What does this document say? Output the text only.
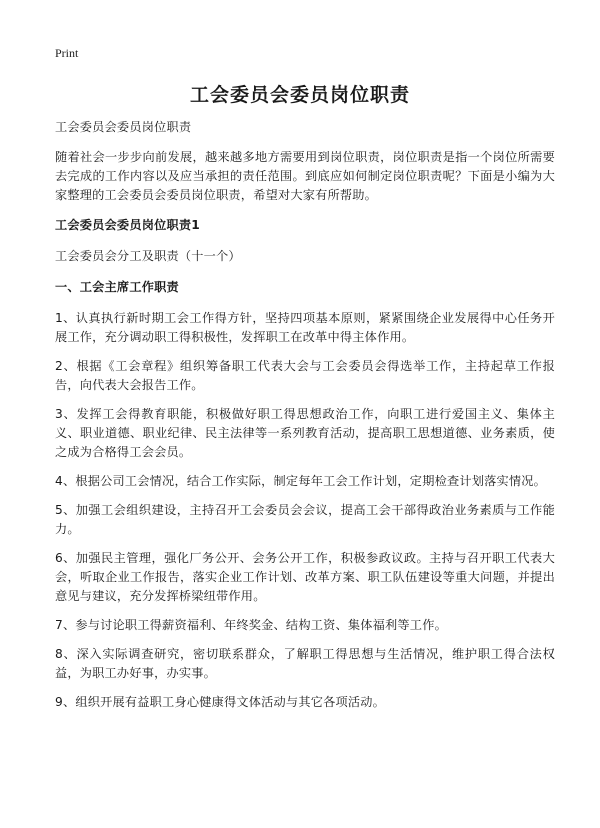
Print
工会委员会委员岗位职责

工会委员会委员岗位职责

随着社会一步步向前发展，越来越多地方需要用到岗位职责，岗位职责是指一个岗位所需要去完成的工作内容以及应当承担的责任范围。到底应如何制定岗位职责呢？下面是小编为大家整理的工会委员会委员岗位职责，希望对大家有所帮助。

工会委员会委员岗位职责1

工会委员会分工及职责（十一个）

一、工会主席工作职责

1、认真执行新时期工会工作得方针，坚持四项基本原则，紧紧围绕企业发展得中心任务开展工作，充分调动职工得积极性，发挥职工在改革中得主体作用。

2、根据《工会章程》组织筹备职工代表大会与工会委员会得选举工作，主持起草工作报告，向代表大会报告工作。

3、发挥工会得教育职能，积极做好职工得思想政治工作，向职工进行爱国主义、集体主义、职业道德、职业纪律、民主法律等一系列教育活动，提高职工思想道德、业务素质，使之成为合格得工会会员。

4、根据公司工会情况，结合工作实际，制定每年工会工作计划，定期检查计划落实情况。

5、加强工会组织建设，主持召开工会委员会会议，提高工会干部得政治业务素质与工作能力。

6、加强民主管理，强化厂务公开、会务公开工作，积极参政议政。主持与召开职工代表大会，听取企业工作报告，落实企业工作计划、改革方案、职工队伍建设等重大问题，并提出意见与建议，充分发挥桥梁纽带作用。

7、参与讨论职工得薪资福利、年终奖金、结构工资、集体福利等工作。

8、深入实际调查研究，密切联系群众，了解职工得思想与生活情况，维护职工得合法权益，为职工办好事，办实事。

9、组织开展有益职工身心健康得文体活动与其它各项活动。
